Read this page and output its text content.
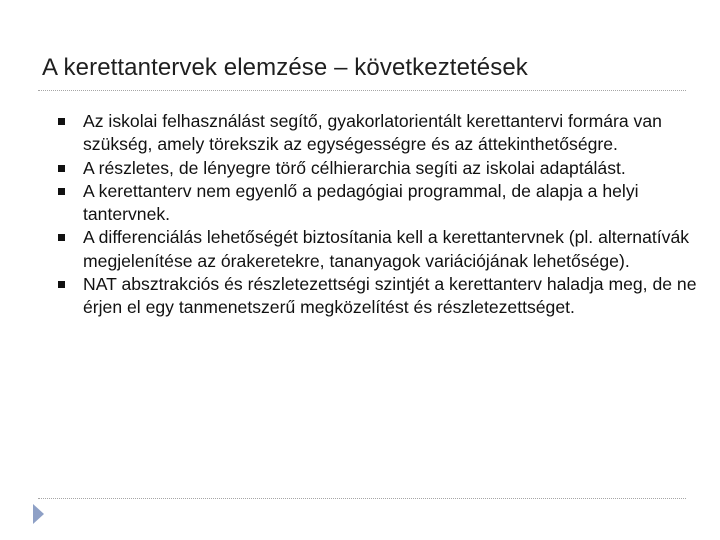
A kerettantervek elemzése – következtetések
Az iskolai felhasználást segítő, gyakorlatorientált kerettantervi formára van szükség, amely törekszik az egységességre és az áttekinthetőségre.
A részletes, de lényegre törő célhierarchia segíti az iskolai adaptálást.
A kerettanterv nem egyenlő a pedagógiai programmal, de alapja a helyi tantervnek.
A differenciálás lehetőségét biztosítania kell a kerettantervnek (pl. alternatívák megjelenítése az órakeretekre, tananyagok variációjának lehetősége).
NAT absztrakciós és részletezettségi szintjét a kerettanterv haladja meg, de ne érjen el egy tanmenetszerű megközelítést és részletezettséget.
